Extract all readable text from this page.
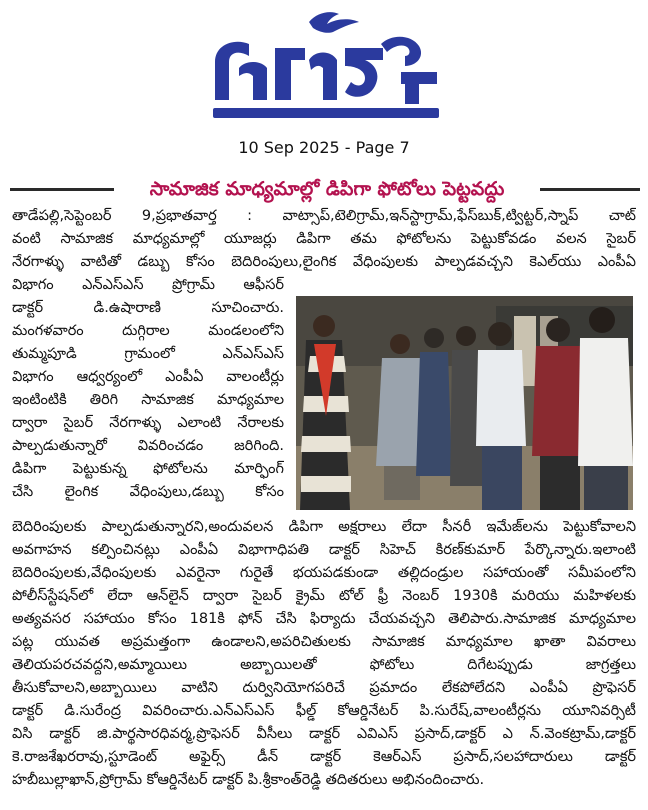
10 Sep 2025 - Page 7
సామాజిక మాధ్యమాల్లో డిపిగా ఫోటోలు పెట్టవద్దు
తాడేపల్లి,సెప్టెంబర్ 9,ప్రభాతవార్త : వాట్సాప్,టెలిగ్రామ్,ఇన్‌స్టాగ్రామ్,ఫేస్‌బుక్,ట్విట్టర్,స్నాప్ చాట్
వంటి సామాజిక మాధ్యమాల్లో యూజర్లు డిపిగా తమ ఫోటోలను పెట్టుకోవడం వలన సైబర్
నేరగాళ్ళు వాటితో డబ్బు కోసం బెదిరింపులు,లైంగిక వేధింపులకు పాల్పడవచ్చని కెఎల్‌యు ఎంపీఏ
విభాగం ఎన్ఎస్ఎస్ ప్రోగ్రామ్ ఆఫీసర్
డాక్టర్ డి.ఉషారాణి సూచించారు.
మంగళవారం దుగ్గిరాల మండలంలోని
తుమ్మపూడి గ్రామంలో ఎన్ఎస్ఎస్
విభాగం ఆధ్వర్యంలో ఎంపీఏ వాలంటీర్లు
ఇంటింటికి తిరిగి సామాజిక మాధ్యమాల
ద్వారా సైబర్ నేరగాళ్ళు ఎలాంటి నేరాలకు
పాల్పడుతున్నారో వివరించడం జరిగింది.
డిపిగా పెట్టుకున్న ఫోటోలను మార్ఫింగ్
చేసి లైంగిక వేధింపులు,డబ్బు కోసం
బెదిరింపులకు పాల్పడుతున్నారని,అందువలన డిపిగా అక్షరాలు లేదా సీనరీ ఇమేజ్‌లను పెట్టుకోవాలని
అవగాహన కల్పించినట్లు ఎంపీఏ విభాగాధిపతి డాక్టర్ సిహెచ్ కిరణ్‌కుమార్ పేర్కొన్నారు.ఇలాంటి
బెదిరింపులకు,వేధింపులకు ఎవరైనా గురైతే భయపడకుండా తల్లిదండ్రుల సహాయంతో సమీపంలోని
పోలీస్‌స్టేషన్‌లో లేదా ఆన్‌లైన్ ద్వారా సైబర్ క్రైమ్ టోల్ ఫ్రీ నెంబర్ 1930కి మరియు మహిళలకు
అత్యవసర సహాయం కోసం 181కి ఫోన్ చేసి ఫిర్యాదు చేయవచ్చని తెలిపారు.సామాజిక మాధ్యమాల
పట్ల యువత అప్రమత్తంగా ఉండాలని,అపరిచితులకు సామాజిక మాధ్యమాల ఖాతా వివరాలు
తెలియపరచవద్దని,అమ్మాయిలు అబ్బాయిలతో ఫోటోలు దిగేటప్పుడు జాగ్రత్తలు
తీసుకోవాలని,అబ్బాయిలు వాటిని దుర్వినియోగపరిచే ప్రమాదం లేకపోలేదని ఎంపీఏ ప్రొఫెసర్
డాక్టర్ డి.సురేంద్ర వివరించారు.ఎన్ఎస్ఎస్ ఫీల్డ్ కోఆర్డినేటర్ పి.సురేష్,వాలంటీర్లను యూనివర్సిటీ
విసి డాక్టర్ జి.పార్థసారధివర్మ,ప్రొఫెసర్ వీసీలు డాక్టర్ ఎవిఎస్ ప్రసాద్,డాక్టర్ ఎ న్.వెంకట్రామ్,డాక్టర్
కె.రాజశేఖరరావు,స్టూడెంట్ అఫైర్స్ డీన్ డాక్టర్ కెఆర్ఎస్ ప్రసాద్,సలహాదారులు డాక్టర్
హబీబుల్లాఖాన్,ప్రోగ్రామ్ కోఆర్డినేటర్ డాక్టర్ పి.శ్రీకాంత్‌రెడ్డి తదితరులు అభినందించారు.
